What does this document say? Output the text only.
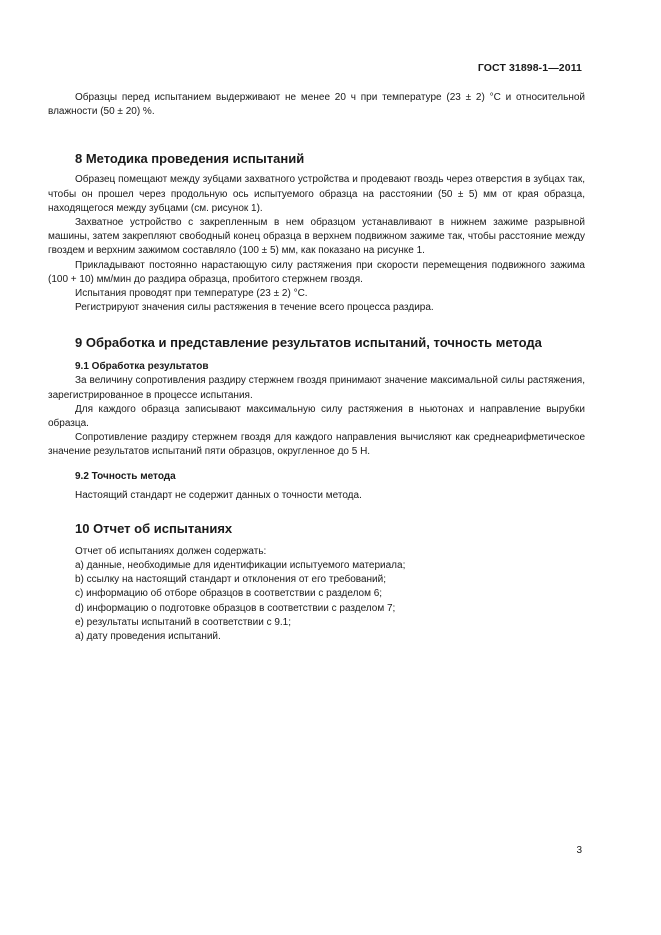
ГОСТ 31898-1—2011

Образцы перед испытанием выдерживают не менее 20 ч при температуре (23 ± 2) °С и относительной влажности (50 ± 20) %.

8 Методика проведения испытаний

Образец помещают между зубцами захватного устройства и продевают гвоздь через отверстия в зубцах так, чтобы он прошел через продольную ось испытуемого образца на расстоянии (50 ± 5) мм от края образца, находящегося между зубцами (см. рисунок 1).

Захватное устройство с закрепленным в нем образцом устанавливают в нижнем зажиме разрывной машины, затем закрепляют свободный конец образца в верхнем подвижном зажиме так, чтобы расстояние между гвоздем и верхним зажимом составляло (100 ± 5) мм, как показано на рисунке 1.

Прикладывают постоянно нарастающую силу растяжения при скорости перемещения подвижного зажима (100 + 10) мм/мин до раздира образца, пробитого стержнем гвоздя.

Испытания проводят при температуре (23 ± 2) °С.

Регистрируют значения силы растяжения в течение всего процесса раздира.

9 Обработка и представление результатов испытаний, точность метода
9.1 Обработка результатов

За величину сопротивления раздиру стержнем гвоздя принимают значение максимальной силы растяжения, зарегистрированное в процессе испытания.

Для каждого образца записывают максимальную силу растяжения в ньютонах и направление вырубки образца.

Сопротивление раздиру стержнем гвоздя для каждого направления вычисляют как среднеарифметическое значение результатов испытаний пяти образцов, округленное до 5 Н.

9.2 Точность метода

Настоящий стандарт не содержит данных о точности метода.

10 Отчет об испытаниях

Отчет об испытаниях должен содержать:

a) данные, необходимые для идентификации испытуемого материала;

b) ссылку на настоящий стандарт и отклонения от его требований;

c) информацию об отборе образцов в соответствии с разделом 6;

d) информацию о подготовке образцов в соответствии с разделом 7;

e) результаты испытаний в соответствии с 9.1;

a) дату проведения испытаний.

3
